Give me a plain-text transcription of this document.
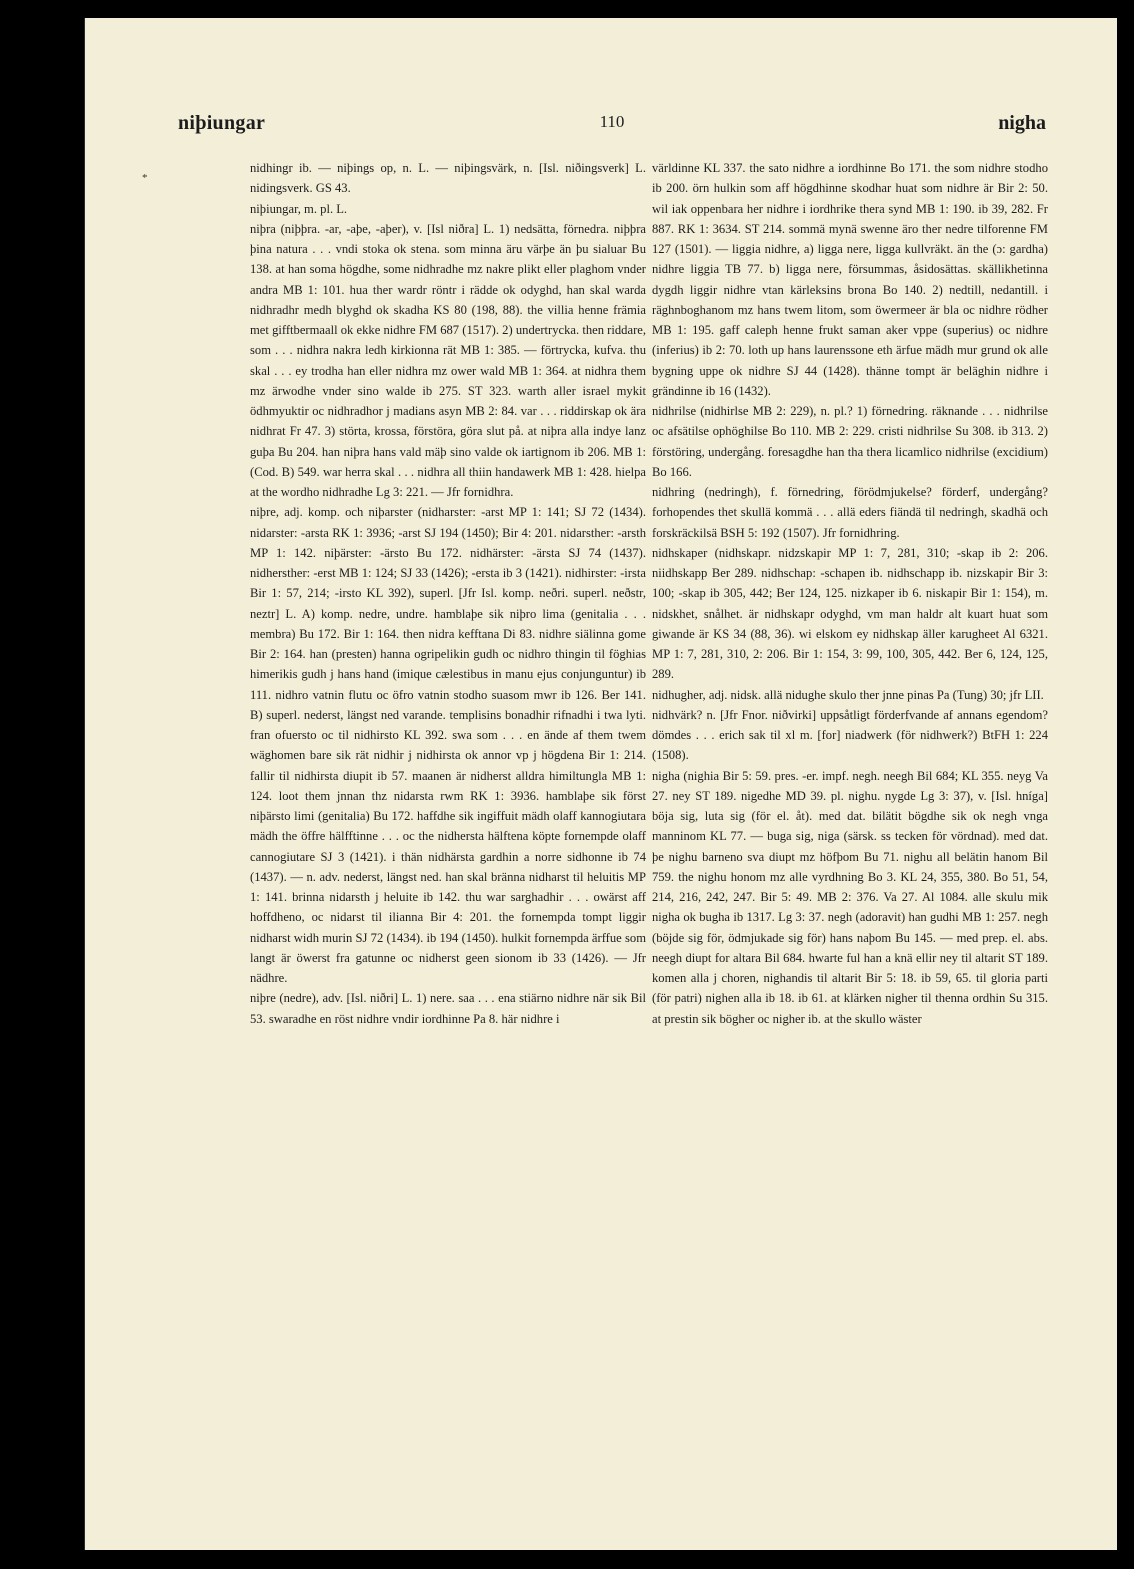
*
niþiungar	110	nigha

nidhingr ib. — niþings op, n. L. — niþingsvärk, n. [Isl. niðingsverk] L. nidingsverk. GS 43.

niþiungar, m. pl. L.

niþra (niþþra. -ar, -aþe, -aþer), v. [Isl niðra] L. 1) nedsätta, förnedra. niþþra þina natura . . . vndi stoka ok stena. som minna äru värþe än þu sialuar Bu 138. at han soma högdhe, some nidhradhe mz nakre plikt eller plaghom vnder andra MB 1: 101. hua ther wardr röntr i rädde ok odyghd, han skal warda nidhradhr medh blyghd ok skadha KS 80 (198, 88). the villia henne främia met gifftbermaall ok ekke nidhre FM 687 (1517). 2) undertrycka. then riddare, som . . . nidhra nakra ledh kirkionna rät MB 1: 385. — förtrycka, kufva. thu skal . . . ey trodha han eller nidhra mz ower wald MB 1: 364. at nidhra them mz ärwodhe vnder sino walde ib 275. ST 323. warth aller israel mykit ödhmyuktir oc nidhradhor j madians asyn MB 2: 84. var . . . riddirskap ok ära nidhrat Fr 47. 3) störta, krossa, förstöra, göra slut på. at niþra alla indye lanz guþa Bu 204. han niþra hans vald mäþ sino valde ok iartignom ib 206. MB 1: (Cod. B) 549. war herra skal . . . nidhra all thiin handawerk MB 1: 428. hielpa at the wordho nidhradhe Lg 3: 221. — Jfr fornidhra.

niþre, adj. komp. och niþarster (nidharster: -arst MP 1: 141; SJ 72 (1434). nidarster: -arsta RK 1: 3936; -arst SJ 194 (1450); Bir 4: 201. nidarsther: -arsth MP 1: 142. niþärster: -ärsto Bu 172. nidhärster: -ärsta SJ 74 (1437). nidhersther: -erst MB 1: 124; SJ 33 (1426); -ersta ib 3 (1421). nidhirster: -irsta Bir 1: 57, 214; -irsto KL 392), superl. [Jfr Isl. komp. neðri. superl. neðstr, neztr] L. A) komp. nedre, undre. hamblaþe sik niþro lima (genitalia . . . membra) Bu 172. Bir 1: 164. then nidra kefftana Di 83. nidhre siälinna gome Bir 2: 164. han (presten) hanna ogripelikin gudh oc nidhro thingin til föghias himerikis gudh j hans hand (imique cælestibus in manu ejus conjunguntur) ib 111. nidhro vatnin flutu oc öfro vatnin stodho suasom mwr ib 126. Ber 141. B) superl. nederst, längst ned varande. templisins bonadhir rifnadhi i twa lyti. fran ofuersto oc til nidhirsto KL 392. swa som . . . en ände af them twem wäghomen bare sik rät nidhir j nidhirsta ok annor vp j högdena Bir 1: 214. fallir til nidhirsta diupit ib 57. maanen är nidherst alldra himiltungla MB 1: 124. loot them jnnan thz nidarsta rwm RK 1: 3936. hamblaþe sik först niþärsto limi (genitalia) Bu 172. haffdhe sik ingiffuit mädh olaff kannogiutara mädh the öffre hälfftinne . . . oc the nidhersta hälftena köpte fornempde olaff cannogiutare SJ 3 (1421). i thän nidhärsta gardhin a norre sidhonne ib 74 (1437). — n. adv. nederst, längst ned. han skal bränna nidharst til heluitis MP 1: 141. brinna nidarsth j heluite ib 142. thu war sarghadhir . . . owärst aff hoffdheno, oc nidarst til ilianna Bir 4: 201. the fornempda tompt liggir nidharst widh murin SJ 72 (1434). ib 194 (1450). hulkit fornempda ärffue som langt är öwerst fra gatunne oc nidherst geen sionom ib 33 (1426). — Jfr nädhre.

niþre (nedre), adv. [Isl. niðri] L. 1) nere. saa . . . ena stiärno nidhre när sik Bil 53. swaradhe en röst nidhre vndir iordhinne Pa 8. här nidhre i

världinne KL 337. the sato nidhre a iordhinne Bo 171. the som nidhre stodho ib 200. örn hulkin som aff högdhinne skodhar huat som nidhre är Bir 2: 50. wil iak oppenbara her nidhre i iordhrike thera synd MB 1: 190. ib 39, 282. Fr 887. RK 1: 3634. ST 214. sommä mynä swenne äro ther nedre tilforenne FM 127 (1501). — liggia nidhre, a) ligga nere, ligga kullvräkt. än the (ɔ: gardha) nidhre liggia TB 77. b) ligga nere, försummas, åsidosättas. skällikhetinna dygdh liggir nidhre vtan kärleksins brona Bo 140. 2) nedtill, nedantill. i räghnboghanom mz hans twem litom, som öwermeer är bla oc nidhre rödher MB 1: 195. gaff caleph henne frukt saman aker vppe (superius) oc nidhre (inferius) ib 2: 70. loth up hans laurenssone eth ärfue mädh mur grund ok alle bygning uppe ok nidhre SJ 44 (1428). thänne tompt är beläghin nidhre i grändinne ib 16 (1432).

nidhrilse (nidhirlse MB 2: 229), n. pl.? 1) förnedring. räknande . . . nidhrilse oc afsätilse ophöghilse Bo 110. MB 2: 229. cristi nidhrilse Su 308. ib 313. 2) förstöring, undergång. foresagdhe han tha thera licamlico nidhrilse (excidium) Bo 166.

nidhring (nedringh), f. förnedring, förödmjukelse? förderf, undergång? forhopendes thet skullä kommä . . . allä eders fiändä til nedringh, skadhä och forskräckilsä BSH 5: 192 (1507). Jfr fornidhring.

nidhskaper (nidhskapr. nidzskapir MP 1: 7, 281, 310; -skap ib 2: 206. niidhskapp Ber 289. nidhschap: -schapen ib. nidhschapp ib. nizskapir Bir 3: 100; -skap ib 305, 442; Ber 124, 125. nizkaper ib 6. niskapir Bir 1: 154), m. nidskhet, snålhet. är nidhskapr odyghd, vm man haldr alt kuart huat som giwande är KS 34 (88, 36). wi elskom ey nidhskap äller karugheet Al 6321. MP 1: 7, 281, 310, 2: 206. Bir 1: 154, 3: 99, 100, 305, 442. Ber 6, 124, 125, 289.

nidhugher, adj. nidsk. allä nidughe skulo ther jnne pinas Pa (Tung) 30; jfr LII.

nidhvärk? n. [Jfr Fnor. niðvirki] uppsåtligt förderfvande af annans egendom? dömdes . . . erich sak til xl m. [for] niadwerk (för nidhwerk?) BtFH 1: 224 (1508).

nigha (nighia Bir 5: 59. pres. -er. impf. negh. neegh Bil 684; KL 355. neyg Va 27. ney ST 189. nigedhe MD 39. pl. nighu. nygde Lg 3: 37), v. [Isl. hníga] böja sig, luta sig (för el. åt). med dat. bilätit bögdhe sik ok negh vnga manninom KL 77. — buga sig, niga (särsk. ss tecken för vördnad). med dat. þe nighu barneno sva diupt mz höfþom Bu 71. nighu all belätin hanom Bil 759. the nighu honom mz alle vyrdhning Bo 3. KL 24, 355, 380. Bo 51, 54, 214, 216, 242, 247. Bir 5: 49. MB 2: 376. Va 27. Al 1084. alle skulu mik nigha ok bugha ib 1317. Lg 3: 37. negh (adoravit) han gudhi MB 1: 257. negh (böjde sig för, ödmjukade sig för) hans naþom Bu 145. — med prep. el. abs. neegh diupt for altara Bil 684. hwarte ful han a knä ellir ney til altarit ST 189. komen alla j choren, nighandis til altarit Bir 5: 18. ib 59, 65. til gloria parti (för patri) nighen alla ib 18. ib 61. at klärken nigher til thenna ordhin Su 315. at prestin sik bögher oc nigher ib. at the skullo wäster
